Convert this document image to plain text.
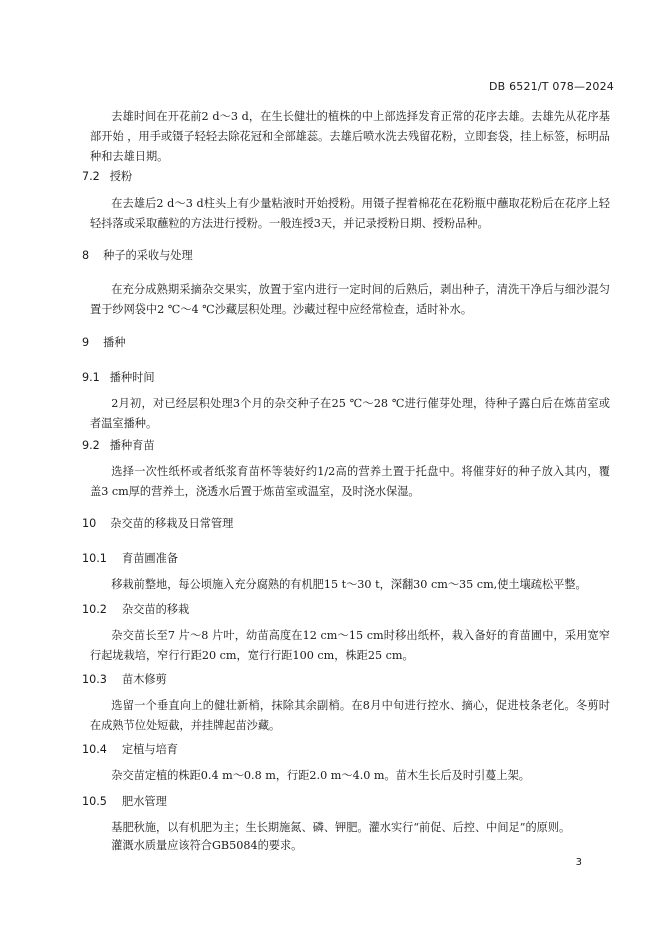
DB 6521/T 078—2024
去雄时间在开花前2 d～3 d，在生长健壮的植株的中上部选择发育正常的花序去雄。去雄先从花序基部开始 ，用手或镊子轻轻去除花冠和全部雄蕊。去雄后喷水洗去残留花粉，立即套袋，挂上标签，标明品种和去雄日期。
7.2 授粉
在去雄后2 d～3 d柱头上有少量粘液时开始授粉。用镊子捏着棉花在花粉瓶中蘸取花粉后在花序上轻轻抖落或采取蘸粒的方法进行授粉。一般连授3天，并记录授粉日期、授粉品种。
8 种子的采收与处理
在充分成熟期采摘杂交果实，放置于室内进行一定时间的后熟后，剥出种子，清洗干净后与细沙混匀置于纱网袋中2 ℃～4 ℃沙藏层积处理。沙藏过程中应经常检查，适时补水。
9 播种
9.1 播种时间
2月初，对已经层积处理3个月的杂交种子在25 ℃～28 ℃进行催芽处理，待种子露白后在炼苗室或者温室播种。
9.2 播种育苗
选择一次性纸杯或者纸浆育苗杯等装好约1/2高的营养土置于托盘中。将催芽好的种子放入其内，覆盖3 cm厚的营养土，浇透水后置于炼苗室或温室，及时浇水保湿。
10 杂交苗的移栽及日常管理
10.1 育苗圃准备
移栽前整地，每公顷施入充分腐熟的有机肥15 t～30 t，深翻30 cm～35 cm,使土壤疏松平整。
10.2 杂交苗的移栽
杂交苗长至7 片～8 片叶，幼苗高度在12 cm～15 cm时移出纸杯，栽入备好的育苗圃中，采用宽窄行起垅栽培，窄行行距20 cm，宽行行距100 cm，株距25 cm。
10.3 苗木修剪
选留一个垂直向上的健壮新梢，抹除其余副梢。在8月中旬进行控水、摘心，促进枝条老化。冬剪时在成熟节位处短截，并挂牌起苗沙藏。
10.4 定植与培育
杂交苗定植的株距0.4 m～0.8 m，行距2.0 m～4.0 m。苗木生长后及时引蔓上架。
10.5 肥水管理
基肥秋施，以有机肥为主；生长期施氮、磷、钾肥。灌水实行“前促、后控、中间足”的原则。
灌溉水质量应该符合GB5084的要求。
3
